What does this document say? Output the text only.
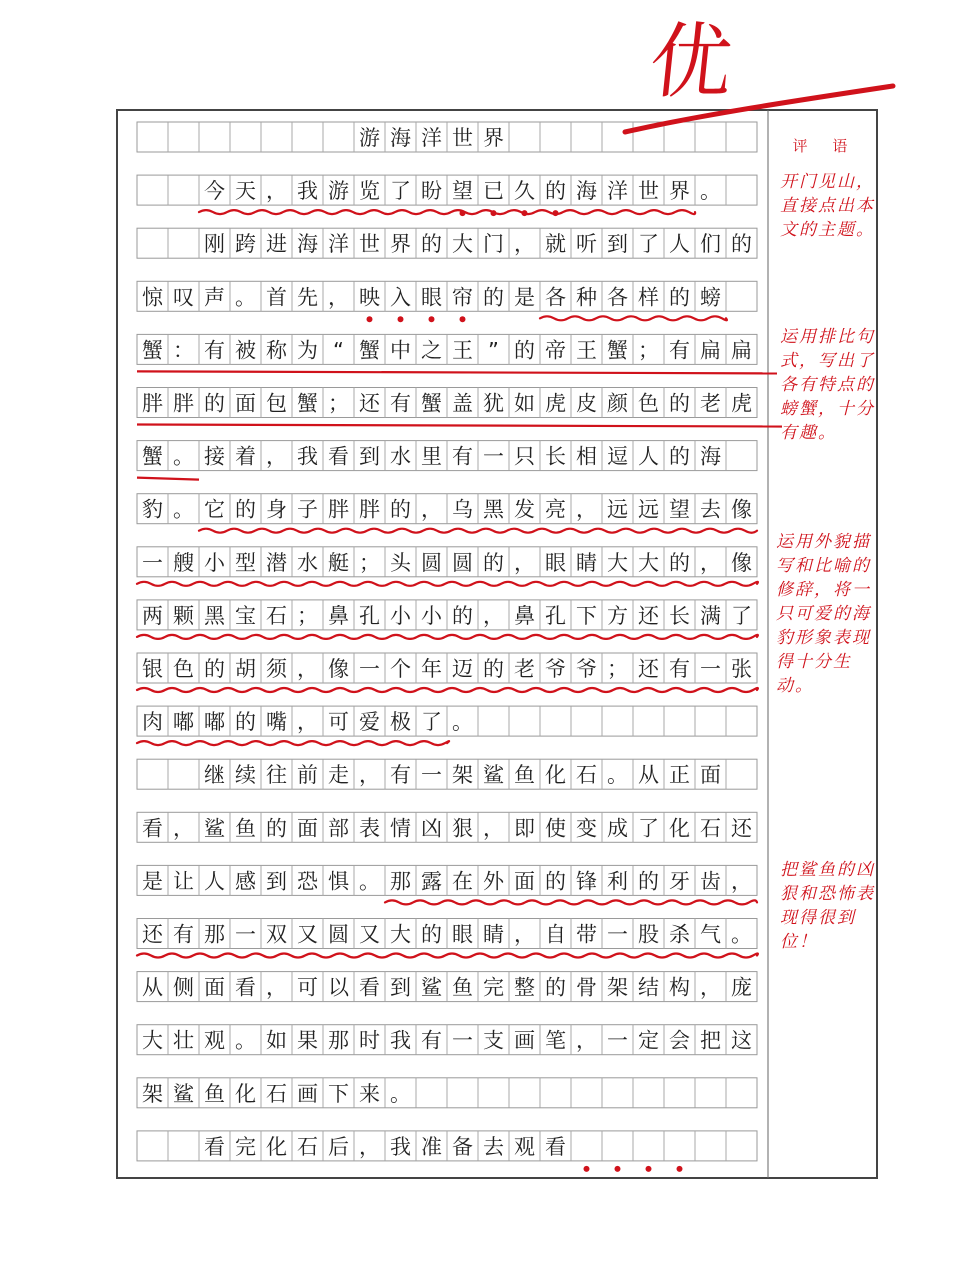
优
游 海 洋 世 界
今 天 ， 我 游 览 了 盼 望 已 久 的 海 洋 世 界 。
刚 跨 进 海 洋 世 界 的 大 门 ， 就 听 到 了 人 们 的
惊 叹 声 。 首 先 ， 映 入 眼 帘 的 是 各 种 各 样 的 螃
蟹 ： 有 被 称 为 “ 蟹 中 之 王 ” 的 帝 王 蟹 ； 有 扁 扁
胖 胖 的 面 包 蟹 ； 还 有 蟹 盖 犹 如 虎 皮 颜 色 的 老 虎
蟹 。 接 着 ， 我 看 到 水 里 有 一 只 长 相 逗 人 的 海
豹 。 它 的 身 子 胖 胖 的 ， 乌 黑 发 亮 ， 远 远 望 去 像
一 艘 小 型 潜 水 艇 ； 头 圆 圆 的 ， 眼 睛 大 大 的 ， 像
两 颗 黑 宝 石 ； 鼻 孔 小 小 的 ， 鼻 孔 下 方 还 长 满 了
银 色 的 胡 须 ， 像 一 个 年 迈 的 老 爷 爷 ； 还 有 一 张
肉 嘟 嘟 的 嘴 ， 可 爱 极 了 。
继 续 往 前 走 ， 有 一 架 鲨 鱼 化 石 。 从 正 面
看 ， 鲨 鱼 的 面 部 表 情 凶 狠 ， 即 使 变 成 了 化 石 还
是 让 人 感 到 恐 惧 。 那 露 在 外 面 的 锋 利 的 牙 齿 ，
还 有 那 一 双 又 圆 又 大 的 眼 睛 ， 自 带 一 股 杀 气 。
从 侧 面 看 ， 可 以 看 到 鲨 鱼 完 整 的 骨 架 结 构 ， 庞
大 壮 观 。 如 果 那 时 我 有 一 支 画 笔 ， 一 定 会 把 这
架 鲨 鱼 化 石 画 下 来 。
看 完 化 石 后 ， 我 准 备 去 观 看
评 语
开门见山，直接点出本文的主题。
运用排比句式，写出了各有特点的螃蟹，十分有趣。
运用外貌描写和比喻的修辞，将一只可爱的海豹形象表现得十分生动。
把鲨鱼的凶狠和恐怖表现得很到位！
